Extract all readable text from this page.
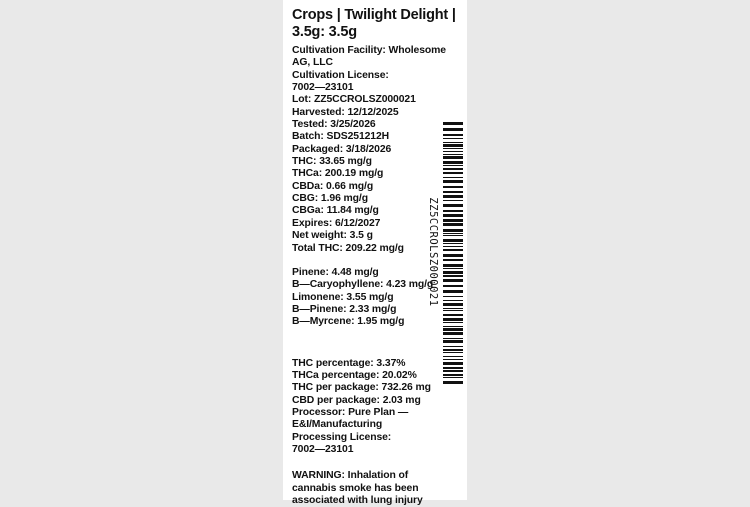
Crops | Twilight Delight | 3.5g: 3.5g
Cultivation Facility: Wholesome
AG, LLC
Cultivation License:
7002—23101
Lot: ZZ5CCROLSZ000021
Harvested: 12/12/2025
Tested: 3/25/2026
Batch: SDS251212H
Packaged: 3/18/2026
THC: 33.65 mg/g
THCa: 200.19 mg/g
CBDa: 0.66 mg/g
CBG: 1.96 mg/g
CBGa: 11.84 mg/g
Expires: 6/12/2027
Net weight: 3.5 g
Total THC: 209.22 mg/g
Pinene: 4.48 mg/g
B—Caryophyllene: 4.23 mg/g
Limonene: 3.55 mg/g
B—Pinene: 2.33 mg/g
B—Myrcene: 1.95 mg/g
THC percentage: 3.37%
THCa percentage: 20.02%
THC per package: 732.26 mg
CBD per package: 2.03 mg
Processor: Pure Plan —
E&I/Manufacturing
Processing License:
7002—23101
WARNING: Inhalation of
cannabis smoke has been
associated with lung injury
ZZ5CCROLSZ000021
